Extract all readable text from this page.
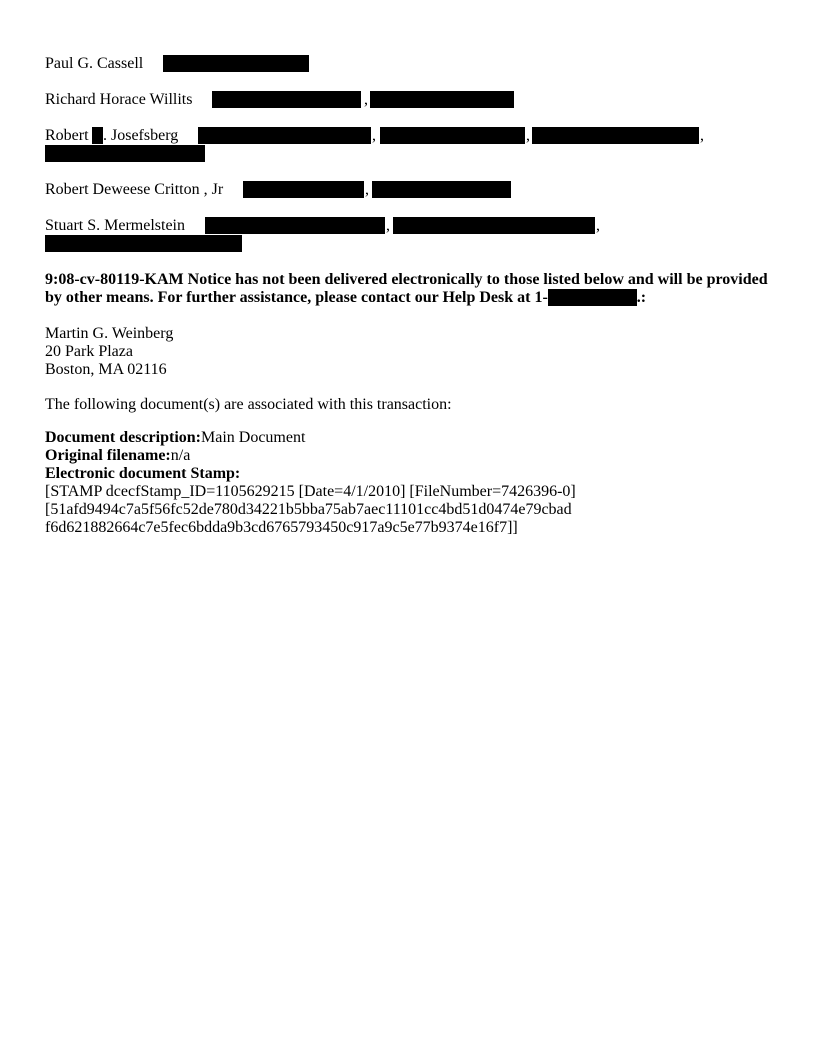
Paul G. Cassell
Richard Horace Willits	,
Robert . Josefsberg	,	,	,
Robert Deweese Critton , Jr	,
Stuart S. Mermelstein	,	,
9:08-cv-80119-KAM Notice has not been delivered electronically to those listed below and will be provided
by other means. For further assistance, please contact our Help Desk at 1-	.:
Martin G. Weinberg
20 Park Plaza
Boston, MA 02116
The following document(s) are associated with this transaction:
Document description:Main Document
Original filename:n/a
Electronic document Stamp:
[STAMP dcecfStamp_ID=1105629215 [Date=4/1/2010] [FileNumber=7426396-0]
[51afd9494c7a5f56fc52de780d34221b5bba75ab7aec11101cc4bd51d0474e79cbad
f6d621882664c7e5fec6bdda9b3cd6765793450c917a9c5e77b9374e16f7]]
